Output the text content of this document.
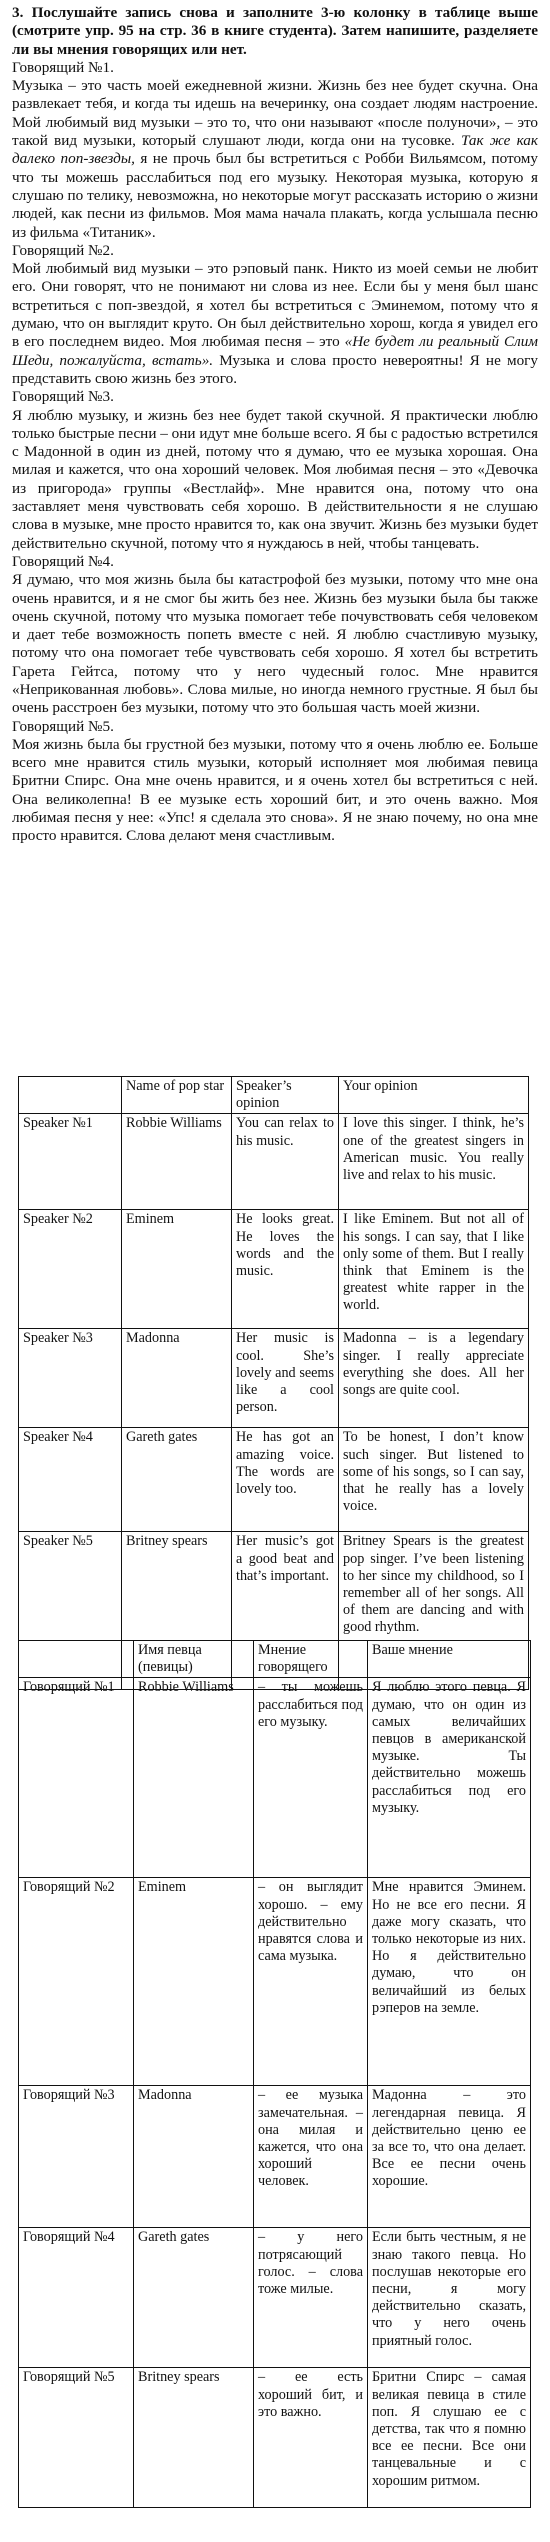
3. Послушайте запись снова и заполните 3-ю колонку в таблице выше (смотрите упр. 95 на стр. 36 в книге студента). Затем напишите, разделяете ли вы мнения говорящих или нет.

Говорящий №1.

Музыка – это часть моей ежедневной жизни. Жизнь без нее будет скучна. Она развлекает тебя, и когда ты идешь на вечеринку, она создает людям настроение. Мой любимый вид музыки – это то, что они называют «после полуночи», – это такой вид музыки, который слушают люди, когда они на тусовке. Так же как далеко поп-звезды, я не прочь был бы встретиться с Робби Вильямсом, потому что ты можешь расслабиться под его музыку. Некоторая музыка, которую я слушаю по телику, невозможна, но некоторые могут рассказать историю о жизни людей, как песни из фильмов. Моя мама начала плакать, когда услышала песню из фильма «Титаник».

Говорящий №2.

Мой любимый вид музыки – это рэповый панк. Никто из моей семьи не любит его. Они говорят, что не понимают ни слова из нее. Если бы у меня был шанс встретиться с поп-звездой, я хотел бы встретиться с Эминемом, потому что я думаю, что он выглядит круто. Он был действительно хорош, когда я увидел его в его последнем видео. Моя любимая песня – это «Не будет ли реальный Слим Шеди, пожалуйста, встать». Музыка и слова просто невероятны! Я не могу представить свою жизнь без этого.

Говорящий №3.

Я люблю музыку, и жизнь без нее будет такой скучной. Я практически люблю только быстрые песни – они идут мне больше всего. Я бы с радостью встретился с Мадонной в один из дней, потому что я думаю, что ее музыка хорошая. Она милая и кажется, что она хороший человек. Моя любимая песня – это «Девочка из пригорода» группы «Вестлайф». Мне нравится она, потому что она заставляет меня чувствовать себя хорошо. В действительности я не слушаю слова в музыке, мне просто нравится то, как она звучит. Жизнь без музыки будет действительно скучной, потому что я нуждаюсь в ней, чтобы танцевать.

Говорящий №4.

Я думаю, что моя жизнь была бы катастрофой без музыки, потому что мне она очень нравится, и я не смог бы жить без нее. Жизнь без музыки была бы также очень скучной, потому что музыка помогает тебе почувствовать себя человеком и дает тебе возможность попеть вместе с ней. Я люблю счастливую музыку, потому что она помогает тебе чувствовать себя хорошо. Я хотел бы встретить Гарета Гейтса, потому что у него чудесный голос. Мне нравится «Неприкованная любовь». Слова милые, но иногда немного грустные. Я был бы очень расстроен без музыки, потому что это большая часть моей жизни.

Говорящий №5.

Моя жизнь была бы грустной без музыки, потому что я очень люблю ее. Больше всего мне нравится стиль музыки, который исполняет моя любимая певица Бритни Спирс. Она мне очень нравится, и я очень хотел бы встретиться с ней. Она великолепна! В ее музыке есть хороший бит, и это очень важно. Моя любимая песня у нее: «Упс! я сделала это снова». Я не знаю почему, но она мне просто нравится. Слова делают меня счастливым.

	Name of pop star	Speaker’s opinion	Your opinion
Speaker №1	Robbie Williams	You can relax to his music.	I love this singer. I think, he’s one of the greatest singers in American music. You really live and relax to his music.
Speaker №2	Eminem	He looks great. He loves the words and the music.	I like Eminem. But not all of his songs. I can say, that I like only some of them. But I really think that Eminem is the greatest white rapper in the world.
Speaker №3	Madonna	Her music is cool. She’s lovely and seems like a cool person.	Madonna – is a legendary singer. I really appreciate everything she does. All her songs are quite cool.
Speaker №4	Gareth gates	He has got an amazing voice. The words are lovely too.	To be honest, I don’t know such singer. But listened to some of his songs, so I can say, that he really has a lovely voice.
Speaker №5	Britney spears	Her music’s got a good beat and that’s important.	Britney Spears is the greatest pop singer. I’ve been listening to her since my childhood, so I remember all of her songs. All of them are dancing and with good rhythm.
	Имя певца (певицы)	Мнение говорящего	Ваше мнение
Говорящий №1	Robbie Williams	– ты можешь расслабиться под его музыку.	Я люблю этого певца. Я думаю, что он один из самых величайших певцов в американской музыке. Ты действительно можешь расслабиться под его музыку.
Говорящий №2	Eminem	– он выглядит хорошо. – ему действительно нравятся слова и сама музыка.	Мне нравится Эминем. Но не все его песни. Я даже могу сказать, что только некоторые из них. Но я действительно думаю, что он величайший из белых рэперов на земле.
Говорящий №3	Madonna	– ее музыка замечательная. – она милая и кажется, что она хороший человек.	Мадонна – это легендарная певица. Я действительно ценю ее за все то, что она делает. Все ее песни очень хорошие.
Говорящий №4	Gareth gates	– у него потрясающий голос. – слова тоже милые.	Если быть честным, я не знаю такого певца. Но послушав некоторые его песни, я могу действительно сказать, что у него очень приятный голос.
Говорящий №5	Britney spears	– ее есть хороший бит, и это важно.	Бритни Спирс – самая великая певица в стиле поп. Я слушаю ее с детства, так что я помню все ее песни. Все они танцевальные и с хорошим ритмом.
